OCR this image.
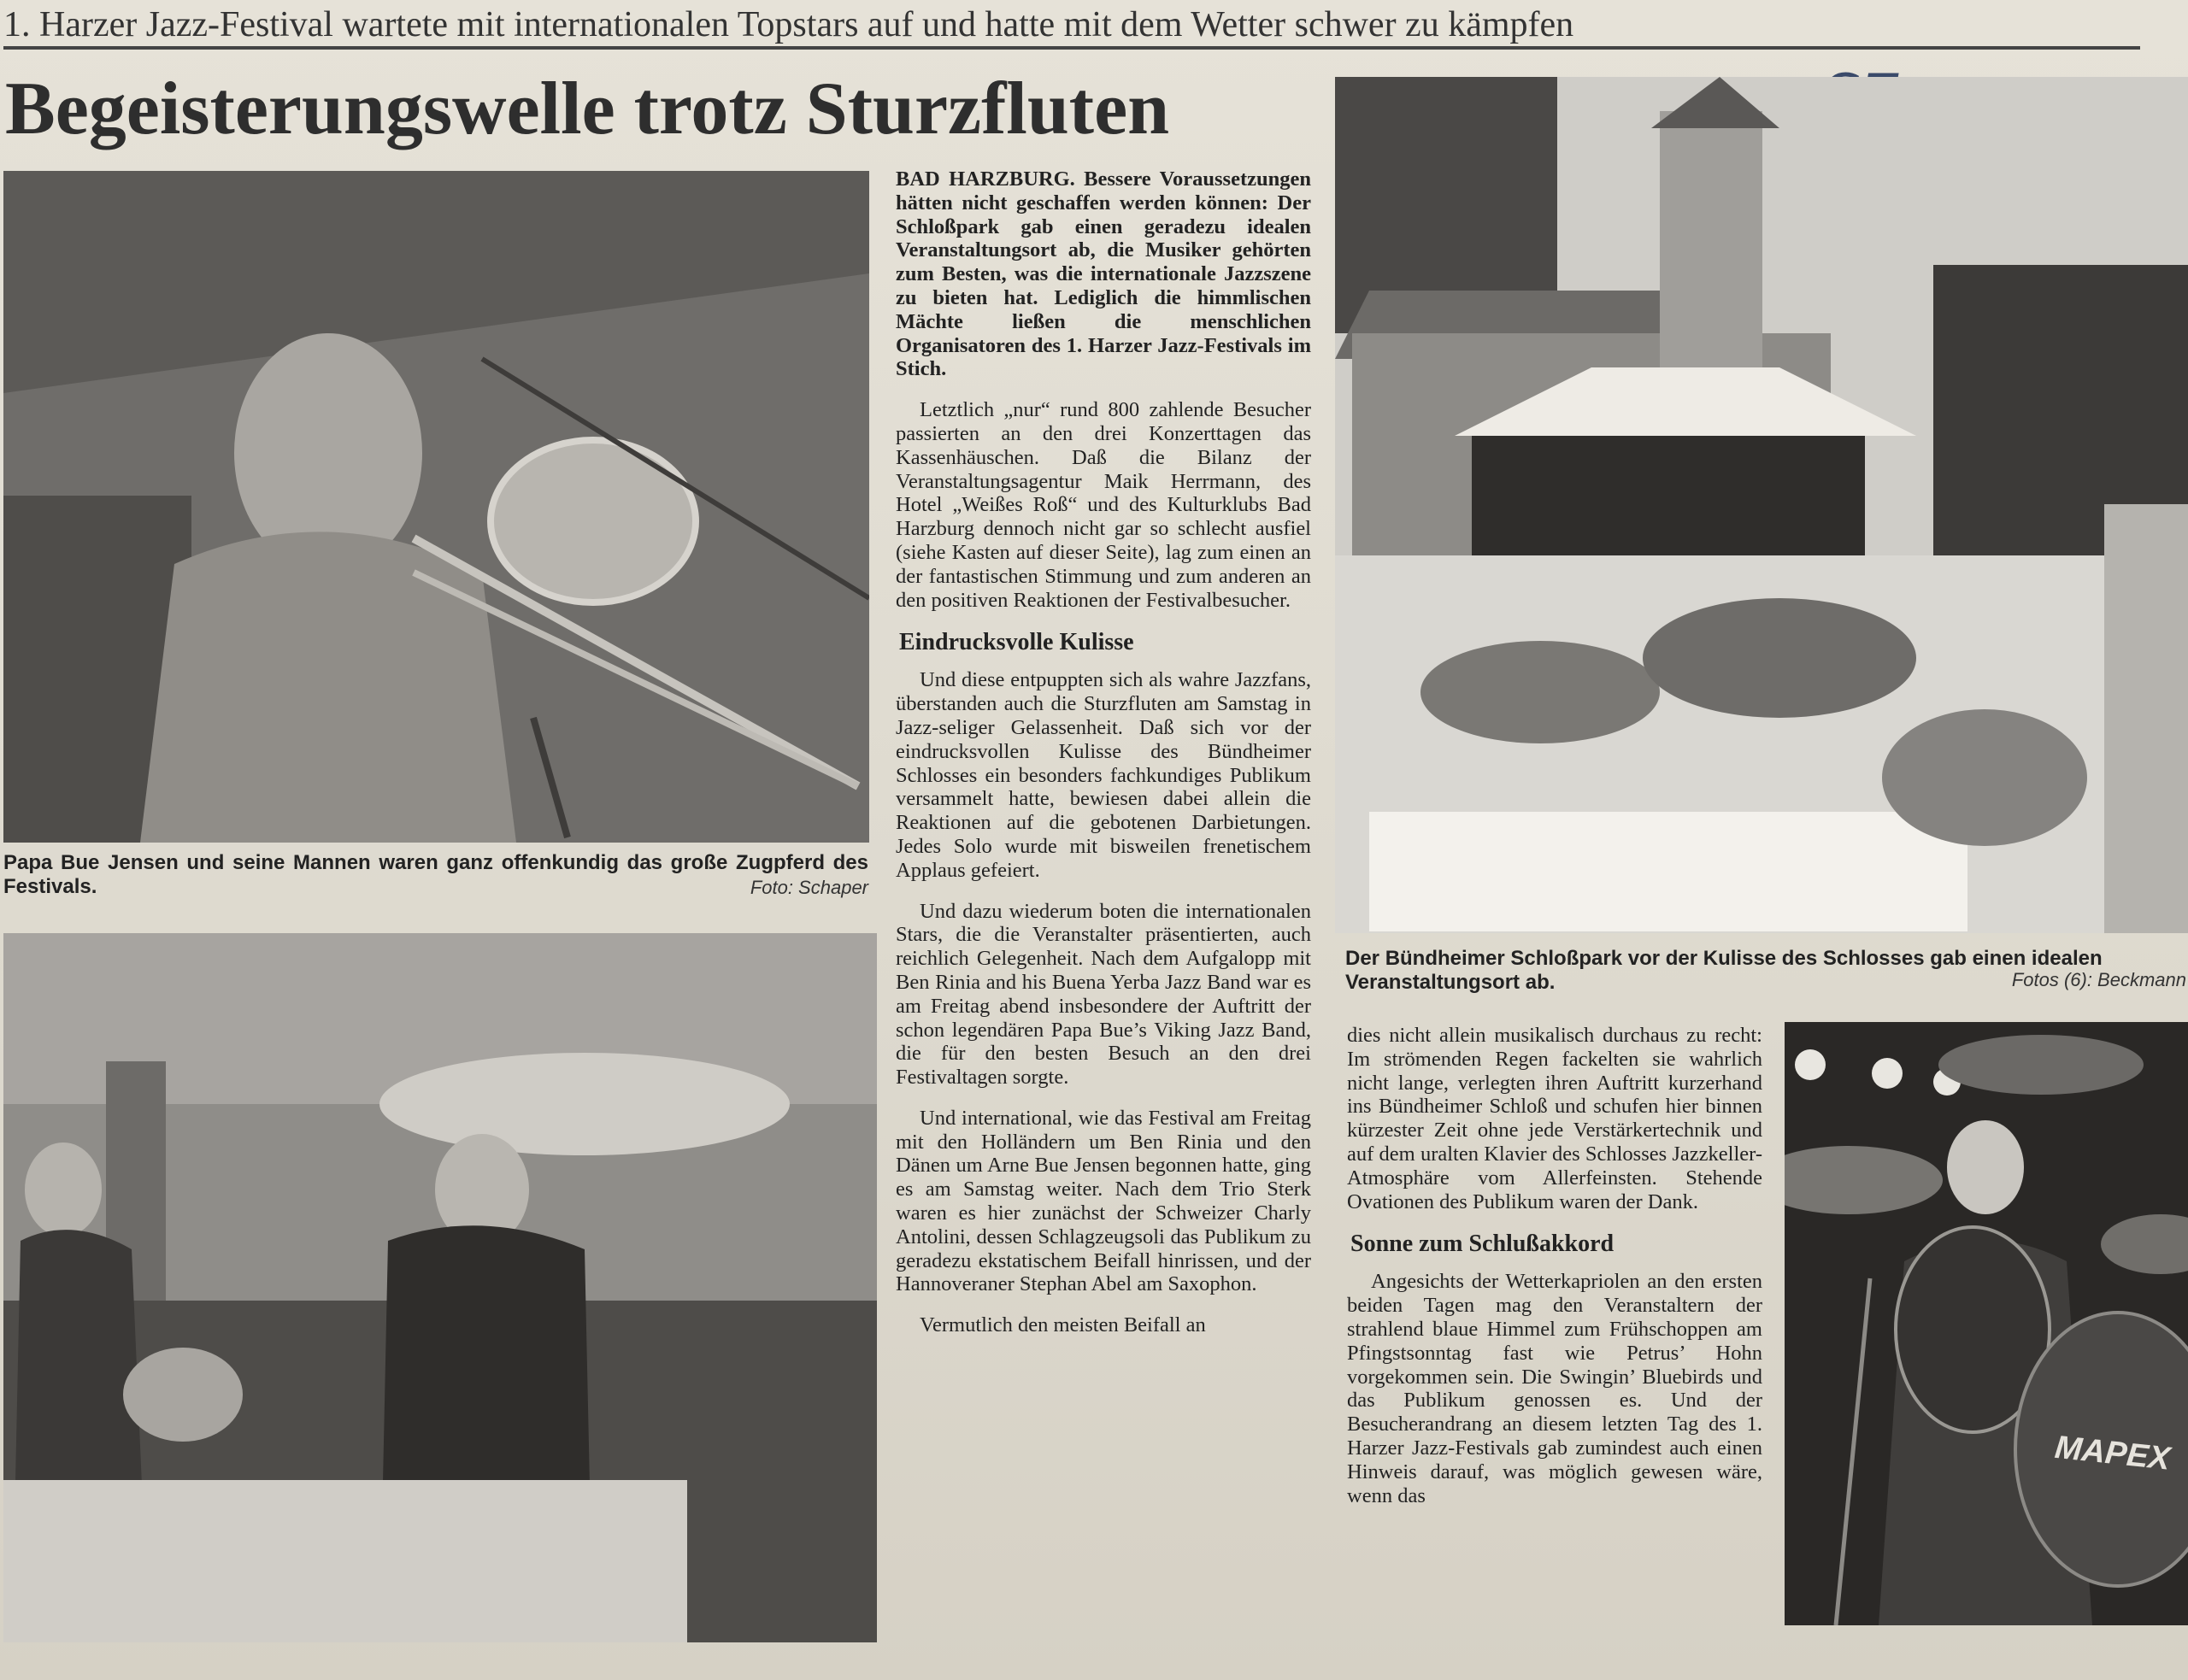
1. Harzer Jazz-Festival wartete mit internationalen Topstars auf und hatte mit dem Wetter schwer zu kämpfen
Begeisterungswelle trotz Sturzfluten
Papa Bue Jensen und seine Mannen waren ganz offenkundig das große Zugpferd des Festivals.	Foto: Schaper
Der Bündheimer Schloßpark vor der Kulisse des Schlosses gab einen idealen Veranstaltungsort ab.	Fotos (6): Beckmann
MAPEX

BAD HARZBURG. Bessere Voraussetzungen hätten nicht geschaffen werden können: Der Schloßpark gab einen geradezu idealen Veranstaltungsort ab, die Musiker gehörten zum Besten, was die internationale Jazzszene zu bieten hat. Lediglich die himmlischen Mächte ließen die menschlichen Organisatoren des 1. Harzer Jazz-Festivals im Stich.

Letztlich „nur“ rund 800 zahlende Besucher passierten an den drei Konzerttagen das Kassenhäuschen. Daß die Bilanz der Veranstaltungsagentur Maik Herrmann, des Hotel „Weißes Roß“ und des Kulturklubs Bad Harzburg dennoch nicht gar so schlecht ausfiel (siehe Kasten auf dieser Seite), lag zum einen an der fantastischen Stimmung und zum anderen an den positiven Reaktionen der Festivalbesucher.

Eindrucksvolle Kulisse

Und diese entpuppten sich als wahre Jazzfans, überstanden auch die Sturzfluten am Samstag in Jazz-seliger Gelassenheit. Daß sich vor der eindrucksvollen Kulisse des Bündheimer Schlosses ein besonders fachkundiges Publikum versammelt hatte, bewiesen dabei allein die Reaktionen auf die gebotenen Darbietungen. Jedes Solo wurde mit bisweilen frenetischem Applaus gefeiert.

Und dazu wiederum boten die internationalen Stars, die die Veranstalter präsentierten, auch reichlich Gelegenheit. Nach dem Aufgalopp mit Ben Rinia and his Buena Yerba Jazz Band war es am Freitag abend insbesondere der Auftritt der schon legendären Papa Bue’s Viking Jazz Band, die für den besten Besuch an den drei Festivaltagen sorgte.

Und international, wie das Festival am Freitag mit den Holländern um Ben Rinia und den Dänen um Arne Bue Jensen begonnen hatte, ging es am Samstag weiter. Nach dem Trio Sterk waren es hier zunächst der Schweizer Charly Antolini, dessen Schlagzeugsoli das Publikum zu geradezu ekstatischem Beifall hinrissen, und der Hannoveraner Stephan Abel am Saxophon.

Vermutlich den meisten Beifall an

dies nicht allein musikalisch durchaus zu recht: Im strömenden Regen fackelten sie wahrlich nicht lange, verlegten ihren Auftritt kurzerhand ins Bündheimer Schloß und schufen hier binnen kürzester Zeit ohne jede Verstärkertechnik und auf dem uralten Klavier des Schlosses Jazzkeller-Atmosphäre vom Allerfeinsten. Stehende Ovationen des Publikum waren der Dank.

Sonne zum Schlußakkord

Angesichts der Wetterkapriolen an den ersten beiden Tagen mag den Veranstaltern der strahlend blaue Himmel zum Frühschoppen am Pfingstsonntag fast wie Petrus’ Hohn vorgekommen sein. Die Swingin’ Bluebirds und das Publikum genossen es. Und der Besucherandrang an diesem letzten Tag des 1. Harzer Jazz-Festivals gab zumindest auch einen Hinweis darauf, was möglich gewesen wäre, wenn das
